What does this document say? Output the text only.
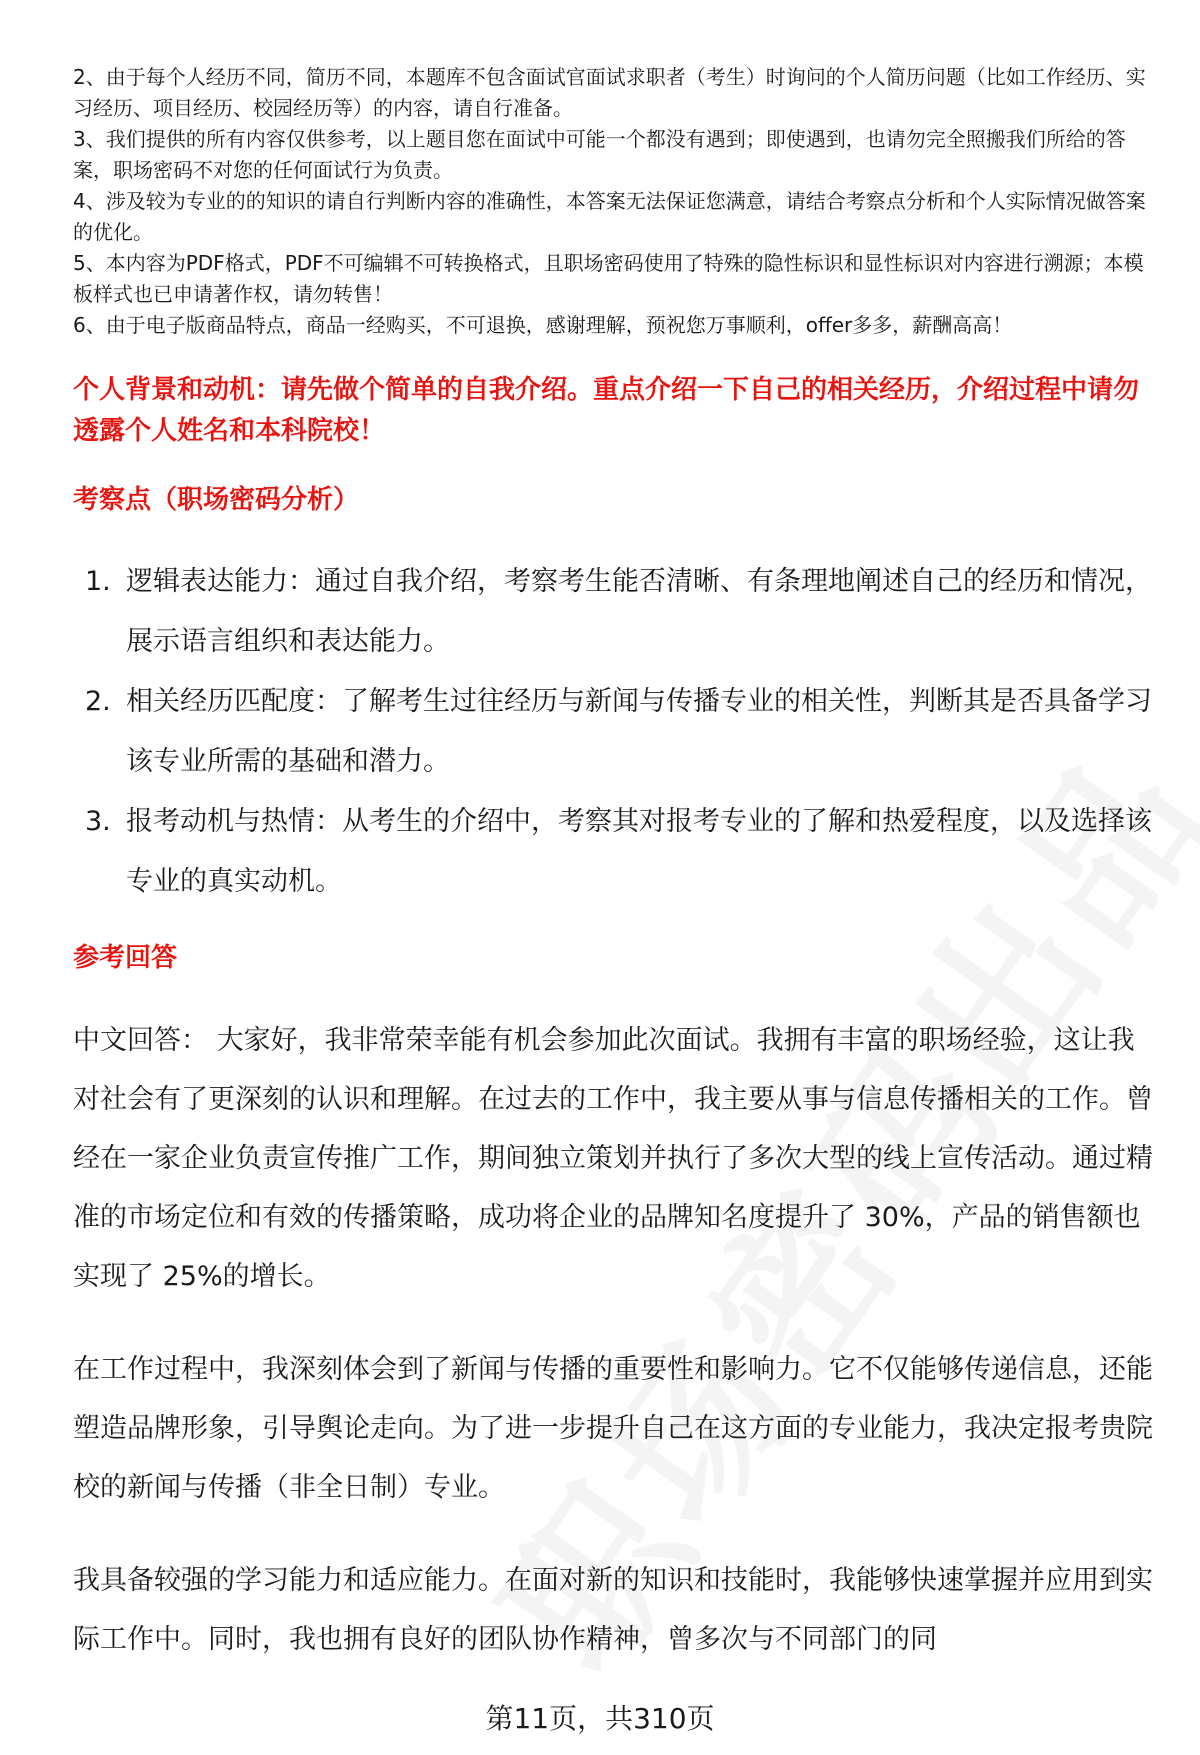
2、由于每个人经历不同，简历不同，本题库不包含面试官面试求职者（考生）时询问的个人简历问题（比如工作经历、实习经历、项目经历、校园经历等）的内容，请自行准备。

3、我们提供的所有内容仅供参考，以上题目您在面试中可能一个都没有遇到；即使遇到，也请勿完全照搬我们所给的答案，职场密码不对您的任何面试行为负责。

4、涉及较为专业的的知识的请自行判断内容的准确性，本答案无法保证您满意，请结合考察点分析和个人实际情况做答案的优化。

5、本内容为PDF格式，PDF不可编辑不可转换格式，且职场密码使用了特殊的隐性标识和显性标识对内容进行溯源；本模板样式也已申请著作权，请勿转售！

6、由于电子版商品特点，商品一经购买，不可退换，感谢理解，预祝您万事顺利，offer多多，薪酬高高！

个人背景和动机：请先做个简单的自我介绍。重点介绍一下自己的相关经历，介绍过程中请勿透露个人姓名和本科院校！
考察点（职场密码分析）
1. 逻辑表达能力：通过自我介绍，考察考生能否清晰、有条理地阐述自己的经历和情况，展示语言组织和表达能力。
2. 相关经历匹配度：了解考生过往经历与新闻与传播专业的相关性，判断其是否具备学习该专业所需的基础和潜力。
3. 报考动机与热情：从考生的介绍中，考察其对报考专业的了解和热爱程度，以及选择该专业的真实动机。
参考回答

中文回答： 大家好，我非常荣幸能有机会参加此次面试。我拥有丰富的职场经验，这让我对社会有了更深刻的认识和理解。在过去的工作中，我主要从事与信息传播相关的工作。曾经在一家企业负责宣传推广工作，期间独立策划并执行了多次大型的线上宣传活动。通过精准的市场定位和有效的传播策略，成功将企业的品牌知名度提升了 30%，产品的销售额也实现了 25%的增长。

在工作过程中，我深刻体会到了新闻与传播的重要性和影响力。它不仅能够传递信息，还能塑造品牌形象，引导舆论走向。为了进一步提升自己在这方面的专业能力，我决定报考贵院校的新闻与传播（非全日制）专业。

我具备较强的学习能力和适应能力。在面对新的知识和技能时，我能够快速掌握并应用到实际工作中。同时，我也拥有良好的团队协作精神，曾多次与不同部门的同

第11页，共310页
